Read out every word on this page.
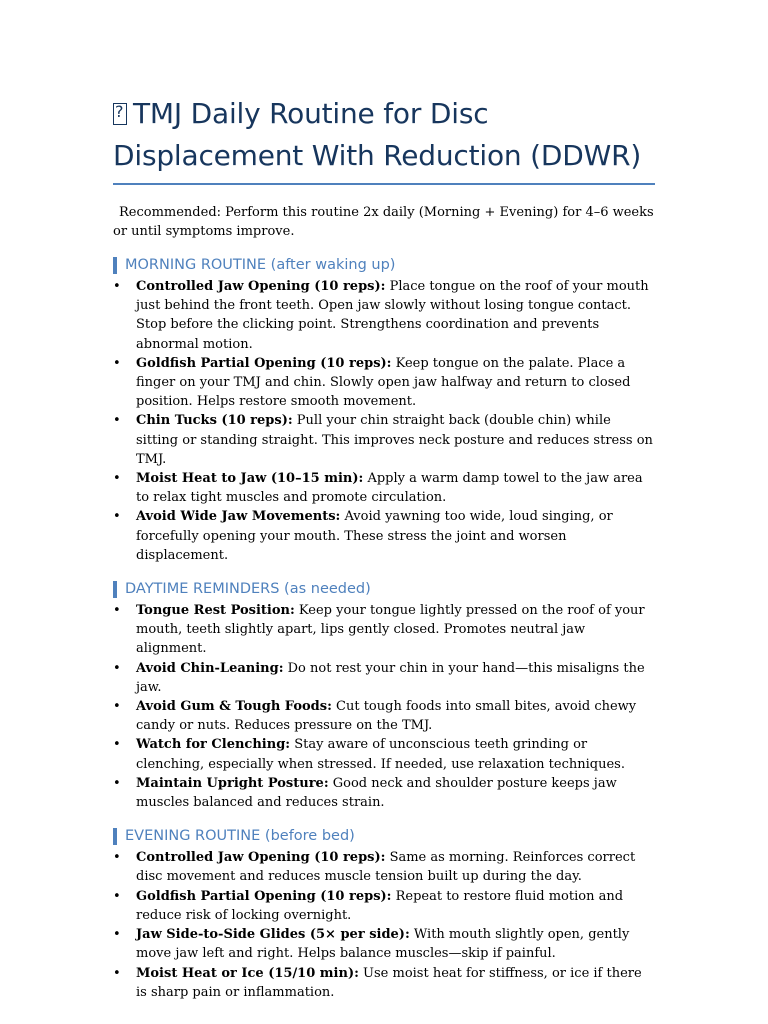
?TMJ Daily Routine for Disc Displacement With Reduction (DDWR)

Recommended: Perform this routine 2x daily (Morning + Evening) for 4–6 weeks or until symptoms improve.

MORNING ROUTINE (after waking up)
• Controlled Jaw Opening (10 reps): Place tongue on the roof of your mouth just behind the front teeth. Open jaw slowly without losing tongue contact. Stop before the clicking point. Strengthens coordination and prevents abnormal motion.
• Goldfish Partial Opening (10 reps): Keep tongue on the palate. Place a finger on your TMJ and chin. Slowly open jaw halfway and return to closed position. Helps restore smooth movement.
• Chin Tucks (10 reps): Pull your chin straight back (double chin) while sitting or standing straight. This improves neck posture and reduces stress on TMJ.
• Moist Heat to Jaw (10–15 min): Apply a warm damp towel to the jaw area to relax tight muscles and promote circulation.
• Avoid Wide Jaw Movements: Avoid yawning too wide, loud singing, or forcefully opening your mouth. These stress the joint and worsen displacement.
DAYTIME REMINDERS (as needed)
• Tongue Rest Position: Keep your tongue lightly pressed on the roof of your mouth, teeth slightly apart, lips gently closed. Promotes neutral jaw alignment.
• Avoid Chin-Leaning: Do not rest your chin in your hand—this misaligns the jaw.
• Avoid Gum & Tough Foods: Cut tough foods into small bites, avoid chewy candy or nuts. Reduces pressure on the TMJ.
• Watch for Clenching: Stay aware of unconscious teeth grinding or clenching, especially when stressed. If needed, use relaxation techniques.
• Maintain Upright Posture: Good neck and shoulder posture keeps jaw muscles balanced and reduces strain.
EVENING ROUTINE (before bed)
• Controlled Jaw Opening (10 reps): Same as morning. Reinforces correct disc movement and reduces muscle tension built up during the day.
• Goldfish Partial Opening (10 reps): Repeat to restore fluid motion and reduce risk of locking overnight.
• Jaw Side-to-Side Glides (5× per side): With mouth slightly open, gently move jaw left and right. Helps balance muscles—skip if painful.
• Moist Heat or Ice (15/10 min): Use moist heat for stiffness, or ice if there is sharp pain or inflammation.
